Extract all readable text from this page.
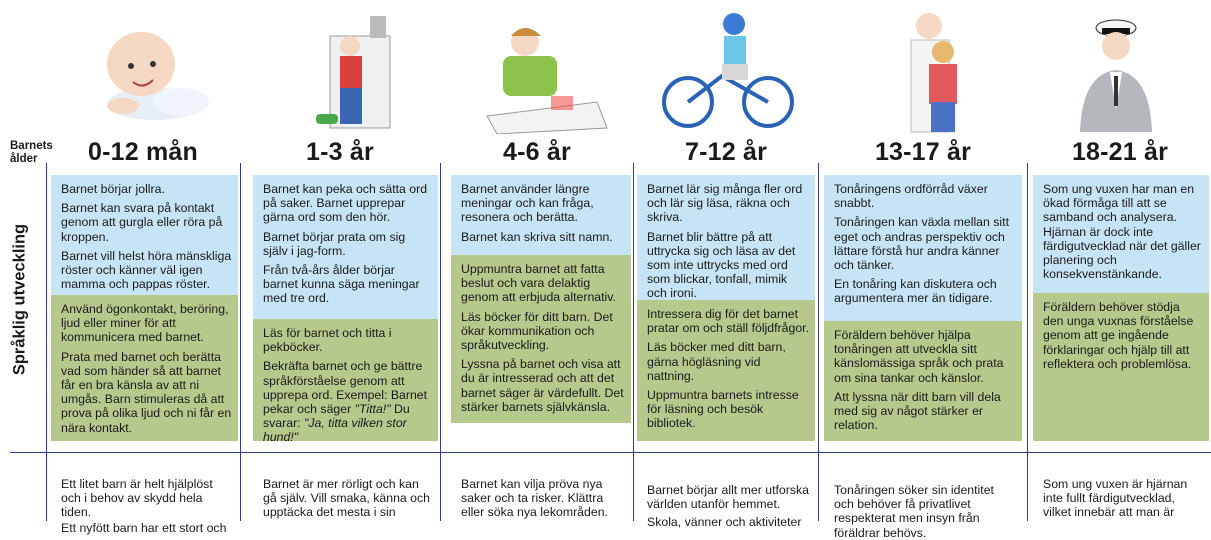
Barnets
ålder
Språklig utveckling
0-12 mån

Barnet börjar jollra.

Barnet kan svara på kontakt genom att gurgla eller röra på kroppen.

Barnet vill helst höra mänskliga röster och känner väl igen mamma och pappas röster.

Använd ögonkontakt, beröring, ljud eller miner för att kommunicera med barnet.

Prata med barnet och berätta vad som händer så att barnet får en bra känsla av att ni umgås. Barn stimuleras då att prova på olika ljud och ni får en nära kontakt.

Ett litet barn är helt hjälplöst och i behov av skydd hela tiden.

Ett nyfött barn har ett stort och

1-3 år

Barnet kan peka och sätta ord på saker. Barnet upprepar gärna ord som den hör.

Barnet börjar prata om sig själv i jag-form.

Från två-års ålder börjar barnet kunna säga meningar med tre ord.

Läs för barnet och titta i pekböcker.

Bekräfta barnet och ge bättre språkförståelse genom att upprepa ord. Exempel: Barnet pekar och säger "Titta!" Du svarar: "Ja, titta vilken stor hund!"

Barnet är mer rörligt och kan gå själv. Vill smaka, känna och upptäcka det mesta i sin

4-6 år

Barnet använder längre meningar och kan fråga, resonera och berätta.

Barnet kan skriva sitt namn.

Uppmuntra barnet att fatta beslut och vara delaktig genom att erbjuda alternativ.

Läs böcker för ditt barn. Det ökar kommunikation och språkutveckling.

Lyssna på barnet och visa att du är intresserad och att det barnet säger är värdefullt. Det stärker barnets självkänsla.

Barnet kan vilja pröva nya saker och ta risker. Klättra eller söka nya lekområden.

7-12 år

Barnet lär sig många fler ord och lär sig läsa, räkna och skriva.

Barnet blir bättre på att uttrycka sig och läsa av det som inte uttrycks med ord som blickar, tonfall, mimik och ironi.

Intressera dig för det barnet pratar om och ställ följdfrågor.

Läs böcker med ditt barn, gärna högläsning vid nattning.

Uppmuntra barnets intresse för läsning och besök bibliotek.

Barnet börjar allt mer utforska världen utanför hemmet.

Skola, vänner och aktiviteter

13-17 år

Tonåringens ordförråd växer snabbt.

Tonåringen kan växla mellan sitt eget och andras perspektiv och lättare förstå hur andra känner och tänker.

En tonåring kan diskutera och argumentera mer än tidigare.

Föräldern behöver hjälpa tonåringen att utveckla sitt känslomässiga språk och prata om sina tankar och känslor.

Att lyssna när ditt barn vill dela med sig av något stärker er relation.

Tonåringen söker sin identitet och behöver få privatlivet respekterat men insyn från föräldrar behövs.

18-21 år

Som ung vuxen har man en ökad förmåga till att se samband och analysera. Hjärnan är dock inte färdigutvecklad när det gäller planering och konsekvenstänkande.

Föräldern behöver stödja den unga vuxnas förståelse genom att ge ingående förklaringar och hjälp till att reflektera och problemlösa.

Som ung vuxen är hjärnan inte fullt färdigutvecklad, vilket innebär att man är
